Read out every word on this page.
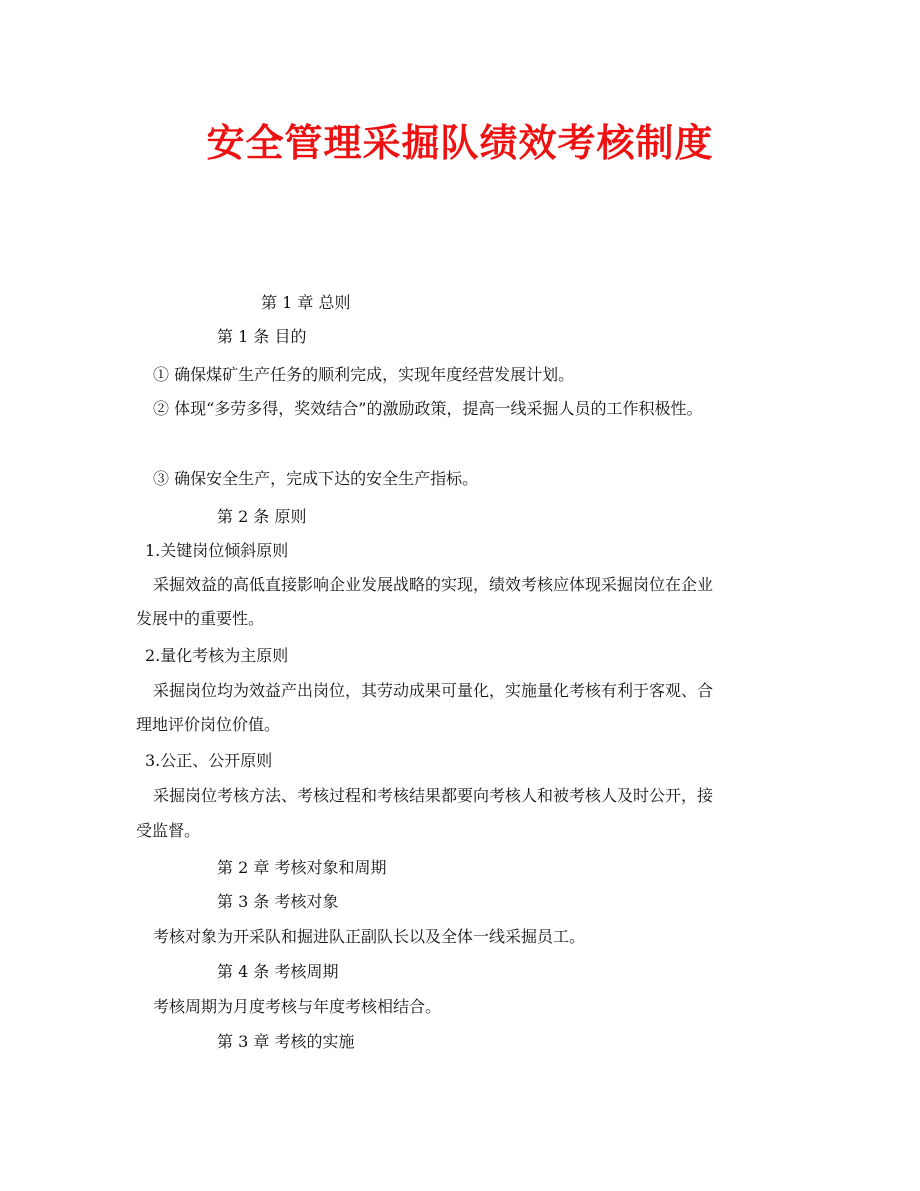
安全管理采掘队绩效考核制度
第 1 章 总则
第 1 条 目的
① 确保煤矿生产任务的顺利完成，实现年度经营发展计划。
② 体现“多劳多得，奖效结合”的激励政策，提高一线采掘人员的工作积极性。
③ 确保安全生产，完成下达的安全生产指标。
第 2 条 原则
1.关键岗位倾斜原则
采掘效益的高低直接影响企业发展战略的实现，绩效考核应体现采掘岗位在企业
发展中的重要性。
2.量化考核为主原则
采掘岗位均为效益产出岗位，其劳动成果可量化，实施量化考核有利于客观、合
理地评价岗位价值。
3.公正、公开原则
采掘岗位考核方法、考核过程和考核结果都要向考核人和被考核人及时公开，接
受监督。
第 2 章 考核对象和周期
第 3 条 考核对象
考核对象为开采队和掘进队正副队长以及全体一线采掘员工。
第 4 条 考核周期
考核周期为月度考核与年度考核相结合。
第 3 章 考核的实施
